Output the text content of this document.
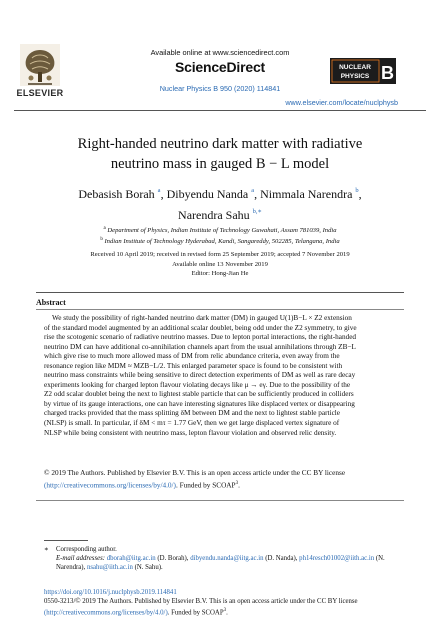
ELSEVIER
Available online at www.sciencedirect.com
ScienceDirect
Nuclear Physics B 950 (2020) 114841
NUCLEAR
PHYSICS B
www.elsevier.com/locate/nuclphysb
Right-handed neutrino dark matter with radiative
neutrino mass in gauged B − L model
Debasish Borah $^a$, Dibyendu Nanda $^a$, Nimmala Narendra $^b$,
Narendra Sahu $^{b,∗}$
$^a$ Department of Physics, Indian Institute of Technology Guwahati, Assam 781039, India
$^b$ Indian Institute of Technology Hyderabad, Kandi, Sangareddy, 502285, Telangana, India
Received 10 April 2019; received in revised form 25 September 2019; accepted 7 November 2019
Available online 13 November 2019
Editor: Hong-Jian He
Abstract
We study the possibility of right-handed neutrino dark matter (DM) in gauged U(1)B−L × Z2 extension
of the standard model augmented by an additional scalar doublet, being odd under the Z2 symmetry, to give
rise the scotogenic scenario of radiative neutrino masses. Due to lepton portal interactions, the right-handed
neutrino DM can have additional co-annihilation channels apart from the usual annihilations through ZB−L
which give rise to much more allowed mass of DM from relic abundance criteria, even away from the
resonance region like MDM ≈ MZB−L/2. This enlarged parameter space is found to be consistent with
neutrino mass constraints while being sensitive to direct detection experiments of DM as well as rare decay
experiments looking for charged lepton flavour violating decays like μ → eγ. Due to the possibility of the
Z2 odd scalar doublet being the next to lightest stable particle that can be sufficiently produced in colliders
by virtue of its gauge interactions, one can have interesting signatures like displaced vertex or disappearing
charged tracks provided that the mass splitting δM between DM and the next to lightest stable particle
(NLSP) is small. In particular, if δM < mτ = 1.77 GeV, then we get large displaced vertex signature of
NLSP while being consistent with neutrino mass, lepton flavour violation and observed relic density.
© 2019 The Authors. Published by Elsevier B.V. This is an open access article under the CC BY license
(http://creativecommons.org/licenses/by/4.0/). Funded by SCOAP$^3$.
∗ Corresponding author.
E-mail addresses: dborah@iitg.ac.in (D. Borah), dibyendu.nanda@iitg.ac.in (D. Nanda), ph14resch01002@iith.ac.in (N. Narendra), nsahu@iith.ac.in (N. Sahu).
https://doi.org/10.1016/j.nuclphysb.2019.114841
0550-3213/© 2019 The Authors. Published by Elsevier B.V. This is an open access article under the CC BY license
(http://creativecommons.org/licenses/by/4.0/). Funded by SCOAP$^3$.
